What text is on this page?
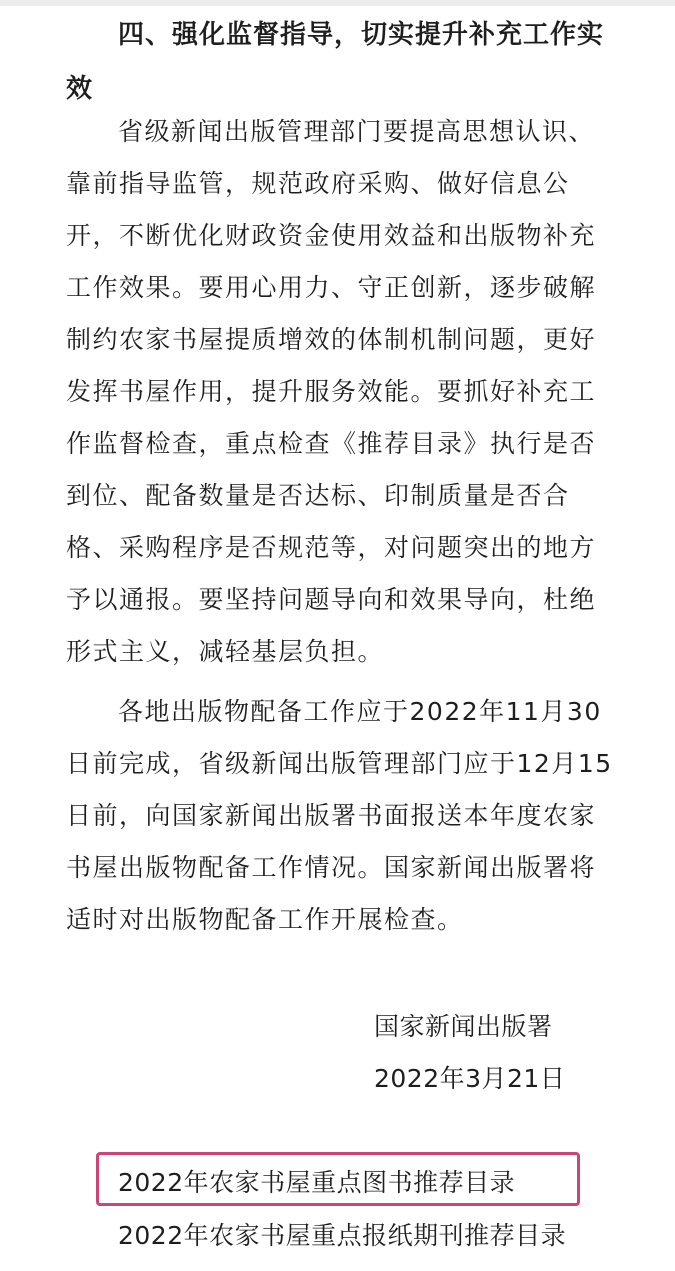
四、强化监督指导，切实提升补充工作实效

省级新闻出版管理部门要提高思想认识、靠前指导监管，规范政府采购、做好信息公开，不断优化财政资金使用效益和出版物补充工作效果。要用心用力、守正创新，逐步破解制约农家书屋提质增效的体制机制问题，更好发挥书屋作用，提升服务效能。要抓好补充工作监督检查，重点检查《推荐目录》执行是否到位、配备数量是否达标、印制质量是否合格、采购程序是否规范等，对问题突出的地方予以通报。要坚持问题导向和效果导向，杜绝形式主义，减轻基层负担。

各地出版物配备工作应于2022年11月30日前完成，省级新闻出版管理部门应于12月15日前，向国家新闻出版署书面报送本年度农家书屋出版物配备工作情况。国家新闻出版署将适时对出版物配备工作开展检查。

国家新闻出版署
2022年3月21日
2022年农家书屋重点图书推荐目录
2022年农家书屋重点报纸期刊推荐目录
